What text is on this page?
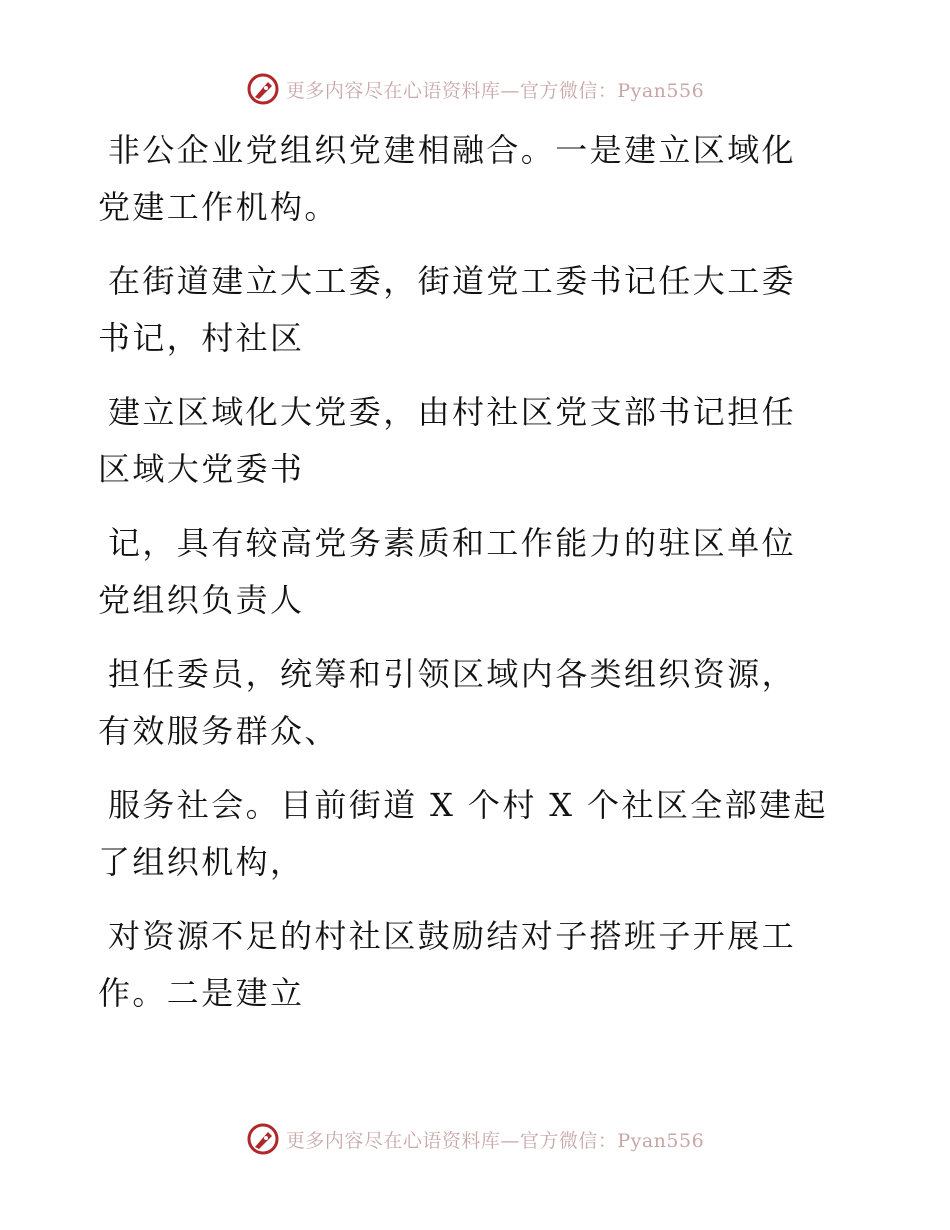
更多内容尽在心语资料库—官方微信：Pyan556

非公企业党组织党建相融合。一是建立区域化党建工作机构。

在街道建立大工委，街道党工委书记任大工委书记，村社区

建立区域化大党委，由村社区党支部书记担任区域大党委书

记，具有较高党务素质和工作能力的驻区单位党组织负责人

担任委员，统筹和引领区域内各类组织资源，有效服务群众、

服务社会。目前街道 X 个村 X 个社区全部建起了组织机构，

对资源不足的村社区鼓励结对子搭班子开展工作。二是建立

更多内容尽在心语资料库—官方微信：Pyan556
